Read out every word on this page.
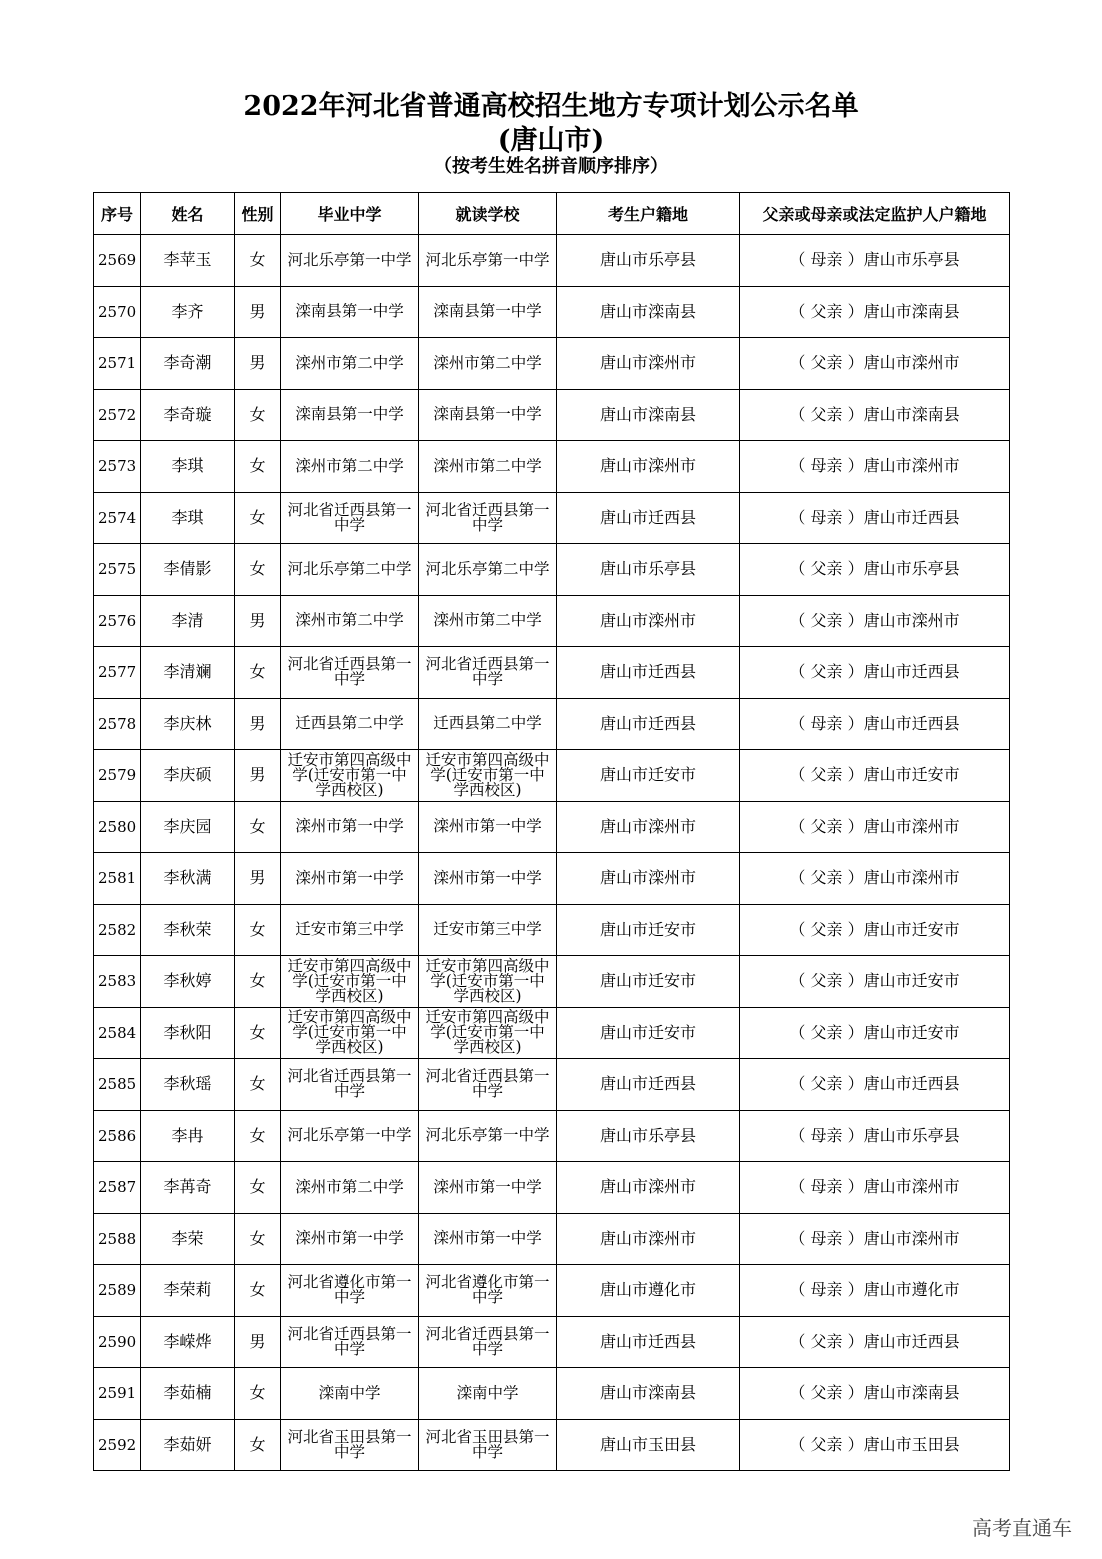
2022年河北省普通高校招生地方专项计划公示名单
(唐山市)
（按考生姓名拼音顺序排序）
序号	姓名	性别	毕业中学	就读学校	考生户籍地	父亲或母亲或法定监护人户籍地
2569	李苹玉	女	河北乐亭第一中学	河北乐亭第一中学	唐山市乐亭县	（ 母亲 ）唐山市乐亭县
2570	李齐	男	滦南县第一中学	滦南县第一中学	唐山市滦南县	（ 父亲 ）唐山市滦南县
2571	李奇潮	男	滦州市第二中学	滦州市第二中学	唐山市滦州市	（ 父亲 ）唐山市滦州市
2572	李奇璇	女	滦南县第一中学	滦南县第一中学	唐山市滦南县	（ 父亲 ）唐山市滦南县
2573	李琪	女	滦州市第二中学	滦州市第二中学	唐山市滦州市	（ 母亲 ）唐山市滦州市
2574	李琪	女	河北省迁西县第一中学	河北省迁西县第一中学	唐山市迁西县	（ 母亲 ）唐山市迁西县
2575	李倩影	女	河北乐亭第二中学	河北乐亭第二中学	唐山市乐亭县	（ 父亲 ）唐山市乐亭县
2576	李清	男	滦州市第二中学	滦州市第二中学	唐山市滦州市	（ 父亲 ）唐山市滦州市
2577	李清斓	女	河北省迁西县第一中学	河北省迁西县第一中学	唐山市迁西县	（ 父亲 ）唐山市迁西县
2578	李庆林	男	迁西县第二中学	迁西县第二中学	唐山市迁西县	（ 母亲 ）唐山市迁西县
2579	李庆硕	男	迁安市第四高级中学(迁安市第一中学西校区)	迁安市第四高级中学(迁安市第一中学西校区)	唐山市迁安市	（ 父亲 ）唐山市迁安市
2580	李庆园	女	滦州市第一中学	滦州市第一中学	唐山市滦州市	（ 父亲 ）唐山市滦州市
2581	李秋满	男	滦州市第一中学	滦州市第一中学	唐山市滦州市	（ 父亲 ）唐山市滦州市
2582	李秋荣	女	迁安市第三中学	迁安市第三中学	唐山市迁安市	（ 父亲 ）唐山市迁安市
2583	李秋婷	女	迁安市第四高级中学(迁安市第一中学西校区)	迁安市第四高级中学(迁安市第一中学西校区)	唐山市迁安市	（ 父亲 ）唐山市迁安市
2584	李秋阳	女	迁安市第四高级中学(迁安市第一中学西校区)	迁安市第四高级中学(迁安市第一中学西校区)	唐山市迁安市	（ 父亲 ）唐山市迁安市
2585	李秋瑶	女	河北省迁西县第一中学	河北省迁西县第一中学	唐山市迁西县	（ 父亲 ）唐山市迁西县
2586	李冉	女	河北乐亭第一中学	河北乐亭第一中学	唐山市乐亭县	（ 母亲 ）唐山市乐亭县
2587	李苒奇	女	滦州市第二中学	滦州市第一中学	唐山市滦州市	（ 母亲 ）唐山市滦州市
2588	李荣	女	滦州市第一中学	滦州市第一中学	唐山市滦州市	（ 母亲 ）唐山市滦州市
2589	李荣莉	女	河北省遵化市第一中学	河北省遵化市第一中学	唐山市遵化市	（ 母亲 ）唐山市遵化市
2590	李嵘烨	男	河北省迁西县第一中学	河北省迁西县第一中学	唐山市迁西县	（ 父亲 ）唐山市迁西县
2591	李茹楠	女	滦南中学	滦南中学	唐山市滦南县	（ 父亲 ）唐山市滦南县
2592	李茹妍	女	河北省玉田县第一中学	河北省玉田县第一中学	唐山市玉田县	（ 父亲 ）唐山市玉田县
高考直通车
